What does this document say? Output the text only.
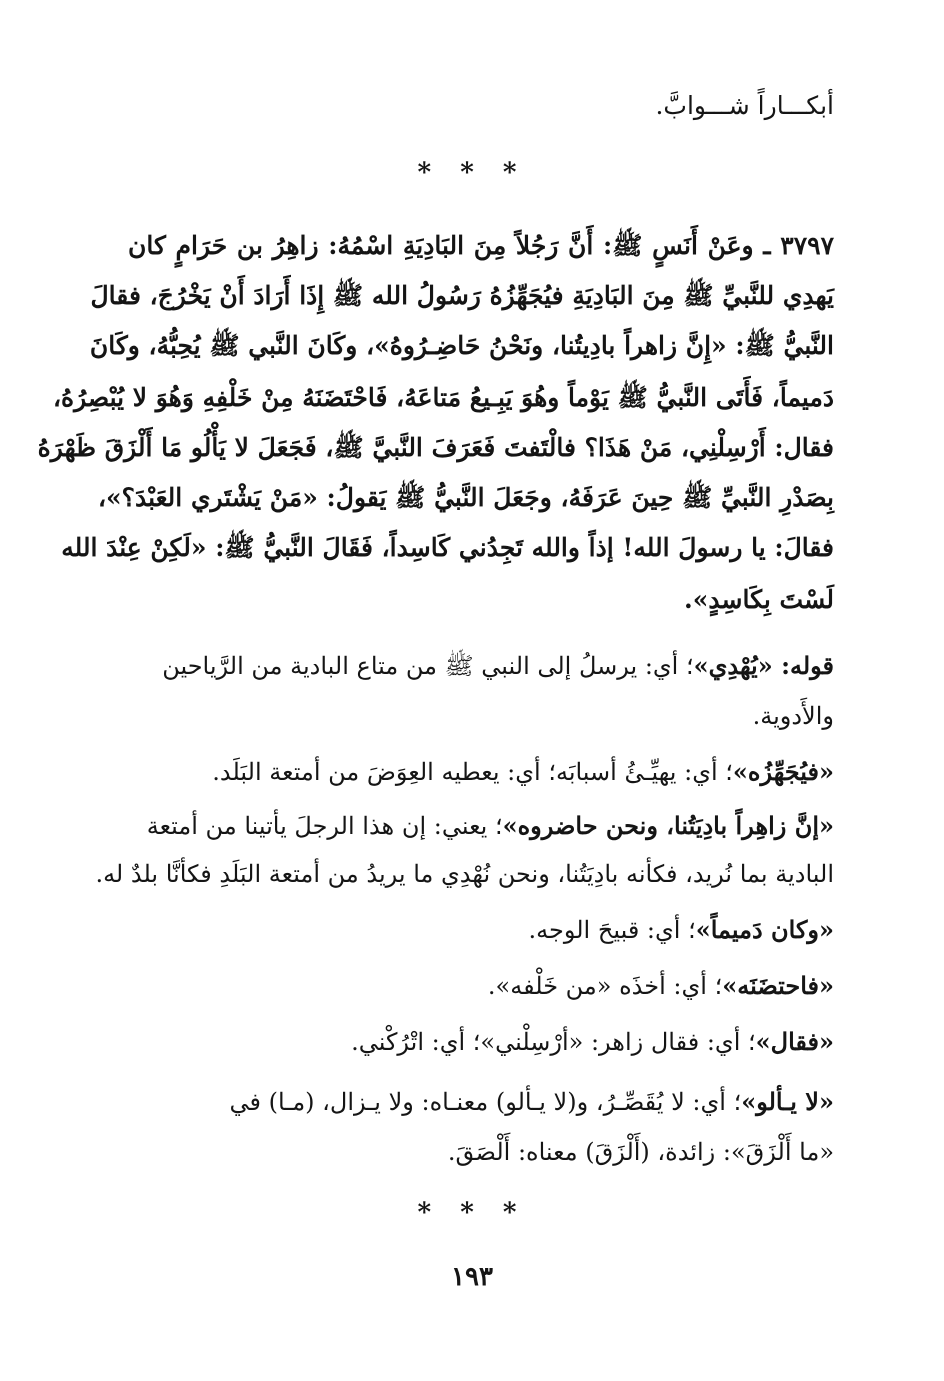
أبكـــاراً شـــوابَّ.

* * *

٣٧٩٧ ـ وعَنْ أَنَسٍ ﷺ: أَنَّ رَجُلاً مِنَ البَادِيَةِ اسْمُهُ: زاهِرُ بن حَرَامٍ كان

يَهدِي للنَّبيِّ ﷺ مِنَ البَادِيَةِ فيُجَهِّزُهُ رَسُولُ الله ﷺ إِذَا أَرَادَ أَنْ يَخْرُجَ، فقالَ

النَّبيُّ ﷺ: «إِنَّ زاهراً بادِيتُنا، ونَحْنُ حَاضِـرُوهُ»، وكَانَ النَّبي ﷺ يُحِبُّهُ، وكَانَ

دَميماً، فَأَتَى النَّبيُّ ﷺ يَوْماً وهُوَ يَبِـيعُ مَتاعَهُ، فَاحْتَضَنَهُ مِنْ خَلْفِهِ وَهُوَ لا يُبْصِرُهُ،

فقال: أَرْسِلْنِي، مَنْ هَذَا؟ فالْتَفتَ فَعَرَفَ النَّبيَّ ﷺ، فَجَعَلَ لا يَأْلُو مَا أَلْزَقَ ظَهْرَهُ

بِصَدْرِ النَّبيِّ ﷺ حِينَ عَرَفَهُ، وجَعَلَ النَّبيُّ ﷺ يَقولُ: «مَنْ يَشْتَري العَبْدَ؟»،

فقالَ: يا رسولَ الله! إذاً والله تَجِدُني كَاسِداً، فَقَالَ النَّبيُّ ﷺ: «لَكِنْ عِنْدَ الله

لَسْتَ بِكَاسِدٍ».

قوله: «يُهْدِي»؛ أي: يرسلُ إلى النبي ﷺ من متاع البادية من الرَّياحين

والأَدوية.

«فيُجَهِّزُه»؛ أي: يهيِّـئُ أسبابَه؛ أي: يعطيه العِوَضَ من أمتعة البَلَد.

«إنَّ زاهِراً بادِيَتُنا، ونحن حاضروه»؛ يعني: إن هذا الرجلَ يأتينا من أمتعة

البادية بما نُريد، فكأنه بادِيَتُنا، ونحن نُهْدِي ما يريدُ من أمتعة البَلَدِ فكأنَّا بلدٌ له.

«وكان دَميماً»؛ أي: قبيحَ الوجه.

«فاحتضَنَه»؛ أي: أخذَه «من خَلْفه».

«فقال»؛ أي: فقال زاهر: «أرْسِلْني»؛ أي: اتْرُكْني.

«لا يـألو»؛ أي: لا يُقَصِّـرُ، و(لا يـألو) معنـاه: ولا يـزال، (مـا) في

«ما أَلْزَقَ»: زائدة، (أَلْزَقَ) معناه: أَلْصَقَ.

* * *
١٩٣
